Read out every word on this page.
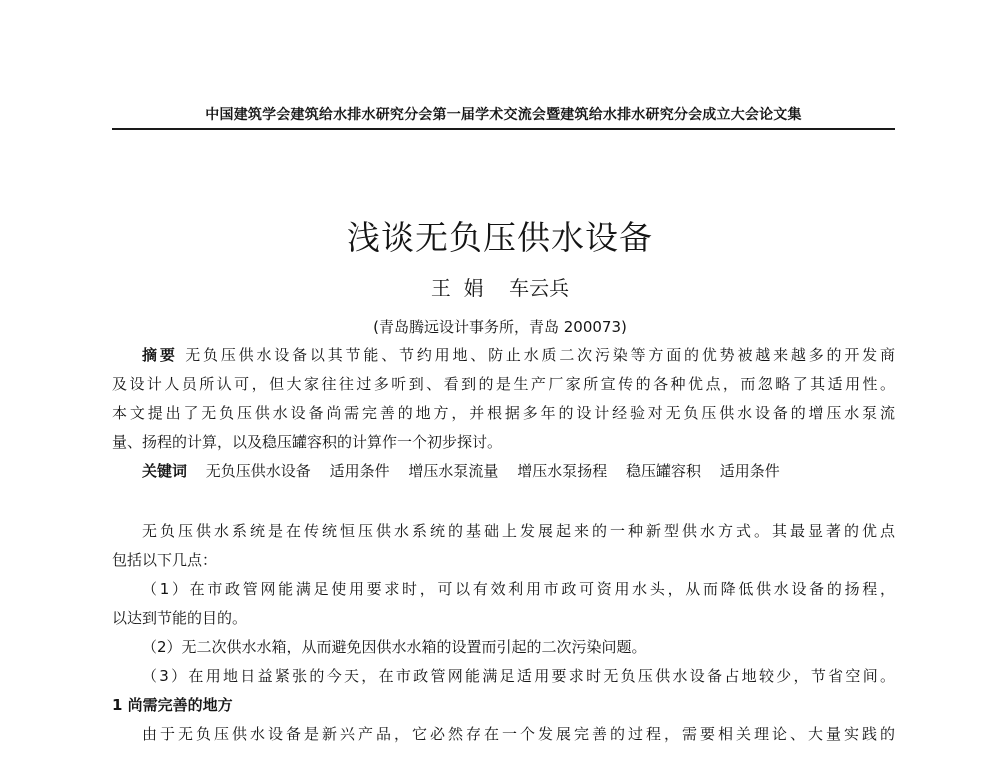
中国建筑学会建筑给水排水研究分会第一届学术交流会暨建筑给水排水研究分会成立大会论文集
浅谈无负压供水设备
王  娟    车云兵
(青岛腾远设计事务所，青岛 200073)
摘要 无负压供水设备以其节能、节约用地、防止水质二次污染等方面的优势被越来越多的开发商
及设计人员所认可，但大家往往过多听到、看到的是生产厂家所宣传的各种优点，而忽略了其适用性。
本文提出了无负压供水设备尚需完善的地方，并根据多年的设计经验对无负压供水设备的增压水泵流
量、扬程的计算，以及稳压罐容积的计算作一个初步探讨。
关键词 无负压供水设备 适用条件 增压水泵流量 增压水泵扬程 稳压罐容积 适用条件
无负压供水系统是在传统恒压供水系统的基础上发展起来的一种新型供水方式。其最显著的优点
包括以下几点：
（1）在市政管网能满足使用要求时，可以有效利用市政可资用水头，从而降低供水设备的扬程，
以达到节能的目的。
（2）无二次供水水箱，从而避免因供水水箱的设置而引起的二次污染问题。
（3）在用地日益紧张的今天，在市政管网能满足适用要求时无负压供水设备占地较少，节省空间。
1 尚需完善的地方
由于无负压供水设备是新兴产品，它必然存在一个发展完善的过程，需要相关理论、大量实践的
